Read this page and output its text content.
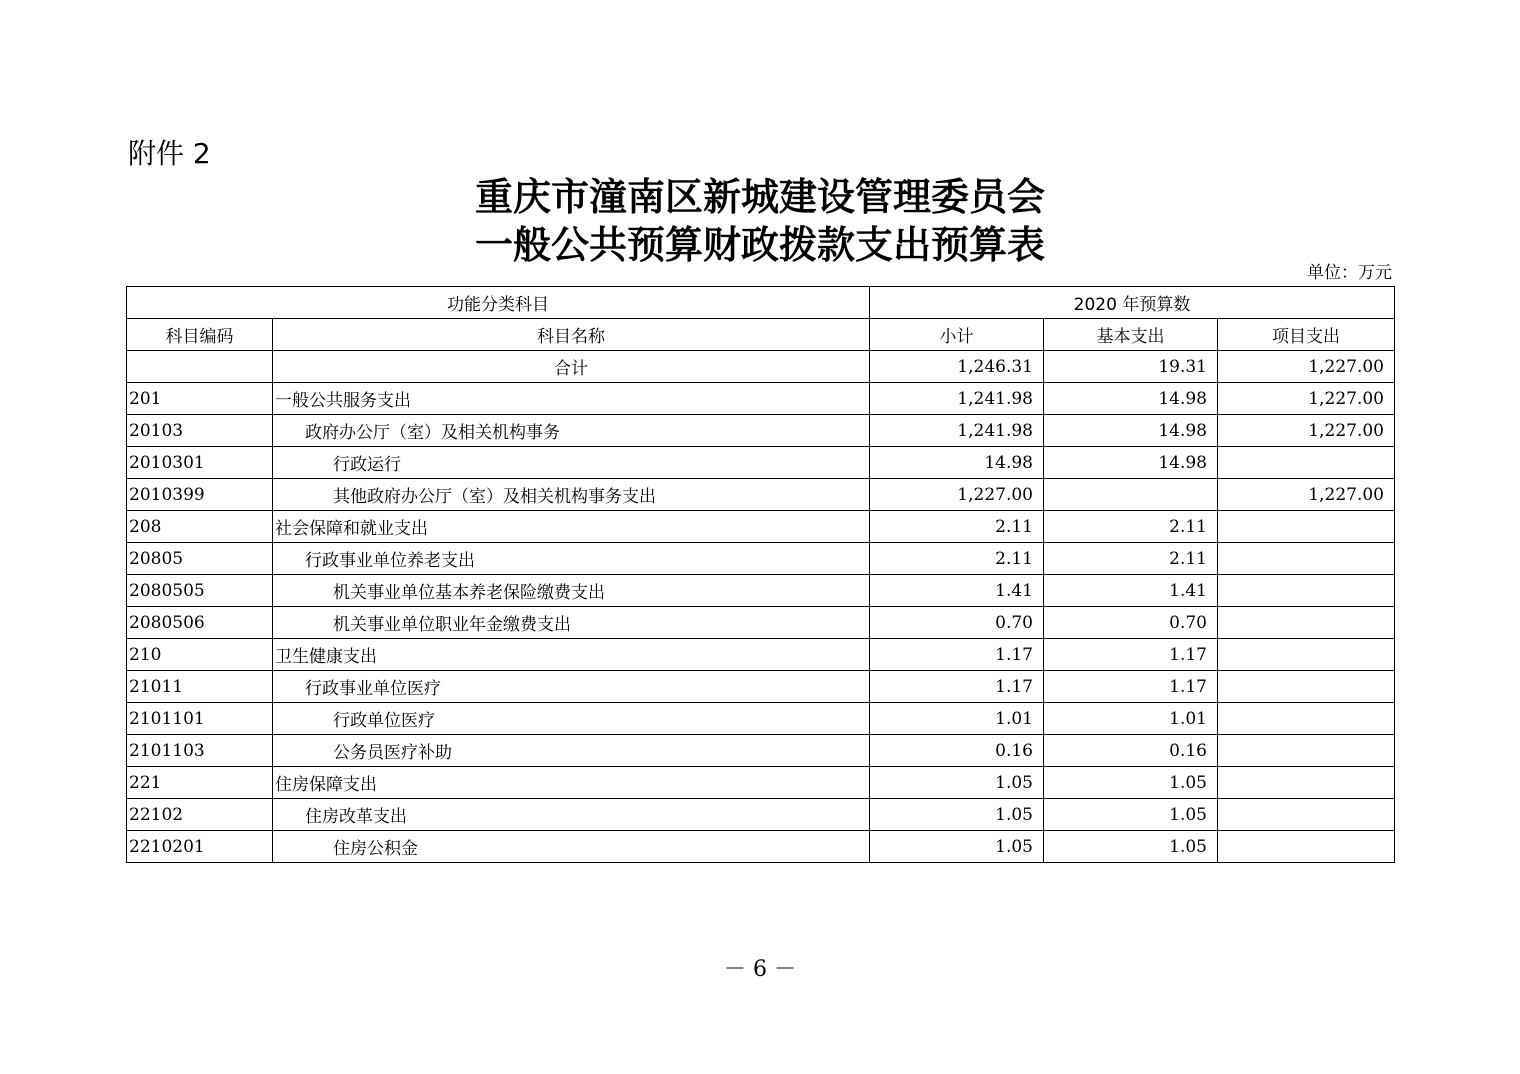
附件 2
重庆市潼南区新城建设管理委员会
一般公共预算财政拨款支出预算表
单位：万元
功能分类科目		2020 年预算数		
科目编码	科目名称	小计	基本支出	项目支出
	合计	1,246.31	19.31	1,227.00
201	一般公共服务支出	1,241.98	14.98	1,227.00
20103	政府办公厅（室）及相关机构事务	1,241.98	14.98	1,227.00
2010301	行政运行	14.98	14.98	
2010399	其他政府办公厅（室）及相关机构事务支出	1,227.00		1,227.00
208	社会保障和就业支出	2.11	2.11	
20805	行政事业单位养老支出	2.11	2.11	
2080505	机关事业单位基本养老保险缴费支出	1.41	1.41	
2080506	机关事业单位职业年金缴费支出	0.70	0.70	
210	卫生健康支出	1.17	1.17	
21011	行政事业单位医疗	1.17	1.17	
2101101	行政单位医疗	1.01	1.01	
2101103	公务员医疗补助	0.16	0.16	
221	住房保障支出	1.05	1.05	
22102	住房改革支出	1.05	1.05	
2210201	住房公积金	1.05	1.05	
－ 6 －
